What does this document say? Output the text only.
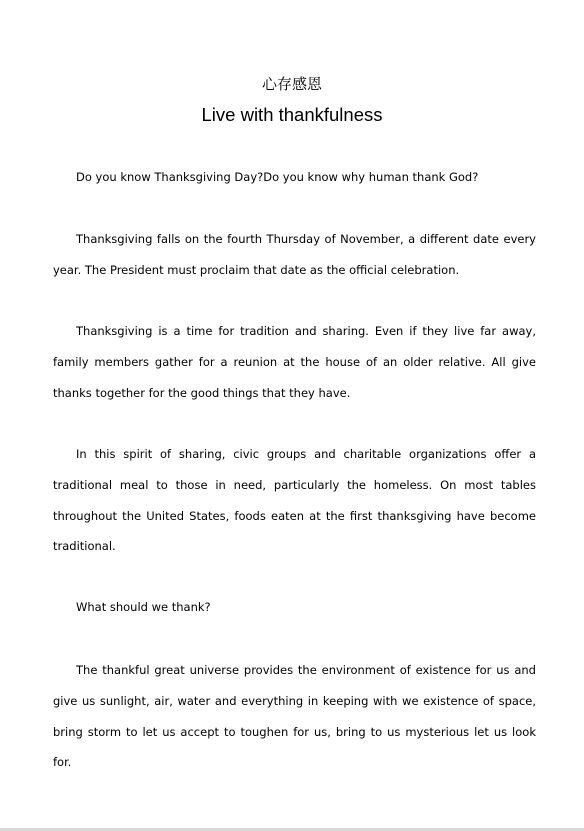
心存感恩
Live with thankfulness

Do you know Thanksgiving Day?Do you know why human thank God?

Thanksgiving falls on the fourth Thursday of November, a different date every year. The President must proclaim that date as the official celebration.

Thanksgiving is a time for tradition and sharing. Even if they live far away, family members gather for a reunion at the house of an older relative. All give thanks together for the good things that they have.

In this spirit of sharing, civic groups and charitable organizations offer a traditional meal to those in need, particularly the homeless. On most tables throughout the United States, foods eaten at the first thanksgiving have become traditional.

What should we thank?

The thankful great universe provides the environment of existence for us and give us sunlight, air, water and everything in keeping with we existence of space, bring storm to let us accept to toughen for us, bring to us mysterious let us look for.
